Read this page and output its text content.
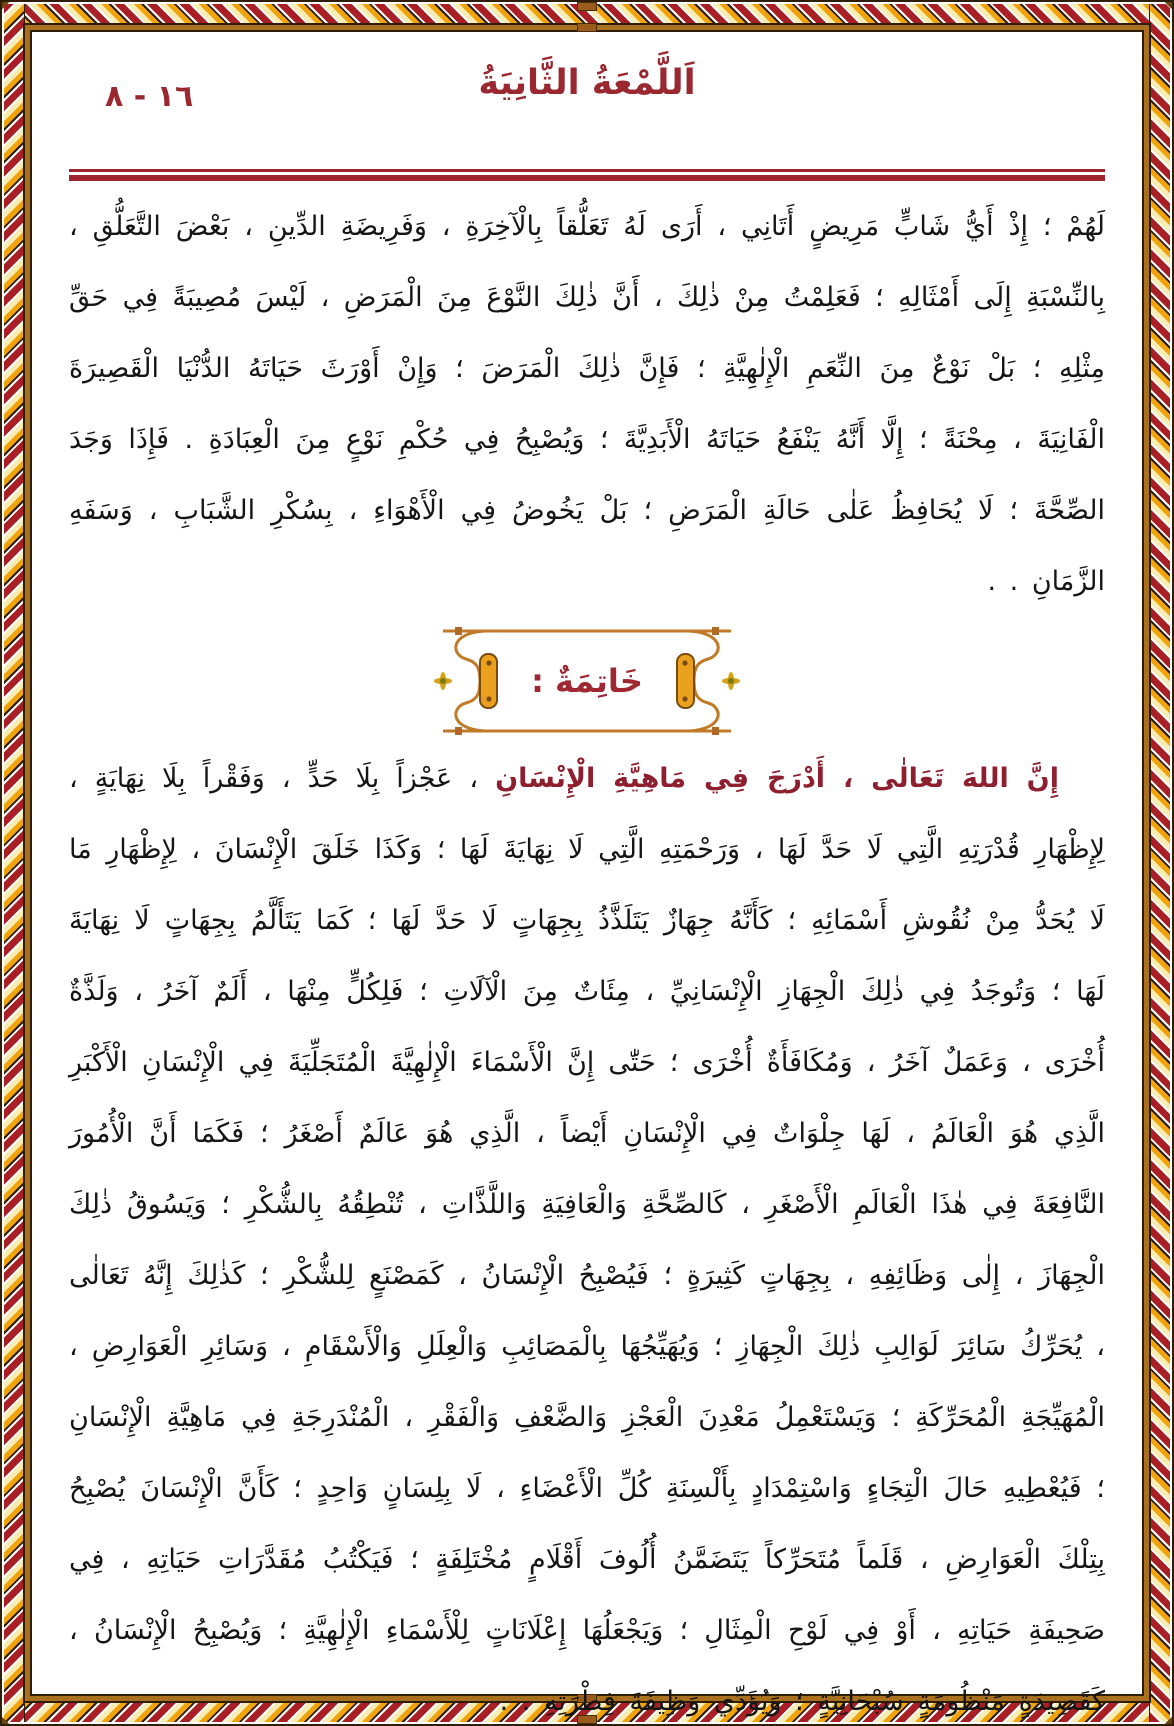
اَللَّمْعَةُ الثَّانِيَةُ
١٦ - ٨

لَهُمْ ؛ إِذْ أَيُّ شَابٍّ مَرِيضٍ أَتَانِي ، أَرَى لَهُ تَعَلُّقاً بِالْآخِرَةِ ، وَفَرِيضَةِ الدِّينِ ، بَعْضَ التَّعَلُّقِ ، بِالنِّسْبَةِ إِلَى أَمْثَالِهِ ؛ فَعَلِمْتُ مِنْ ذٰلِكَ ، أَنَّ ذٰلِكَ النَّوْعَ مِنَ الْمَرَضِ ، لَيْسَ مُصِيبَةً فِي حَقِّ مِثْلِهِ ؛ بَلْ نَوْعٌ مِنَ النِّعَمِ الْإِلٰهِيَّةِ ؛ فَإِنَّ ذٰلِكَ الْمَرَضَ ؛ وَإِنْ أَوْرَثَ حَيَاتَهُ الدُّنْيَا الْقَصِيرَةَ الْفَانِيَةَ ، مِحْنَةً ؛ إِلَّا أَنَّهُ يَنْفَعُ حَيَاتَهُ الْأَبَدِيَّةَ ؛ وَيُصْبِحُ فِي حُكْمِ نَوْعٍ مِنَ الْعِبَادَةِ . فَإِذَا وَجَدَ الصِّحَّةَ ؛ لَا يُحَافِظُ عَلٰى حَالَةِ الْمَرَضِ ؛ بَلْ يَخُوضُ فِي الْأَهْوَاءِ ، بِسُكْرِ الشَّبَابِ ، وَسَفَهِ الزَّمَانِ . .

خَاتِمَةٌ :

إِنَّ اللهَ تَعَالٰى ، أَدْرَجَ فِي مَاهِيَّةِ الْإِنْسَانِ ، عَجْزاً بِلَا حَدٍّ ، وَفَقْراً بِلَا نِهَايَةٍ ، لِإِظْهَارِ قُدْرَتِهِ الَّتِي لَا حَدَّ لَهَا ، وَرَحْمَتِهِ الَّتِي لَا نِهَايَةَ لَهَا ؛ وَكَذَا خَلَقَ الْإِنْسَانَ ، لِإِظْهَارِ مَا لَا يُحَدُّ مِنْ نُقُوشِ أَسْمَائِهِ ؛ كَأَنَّهُ جِهَازٌ يَتَلَذَّذُ بِجِهَاتٍ لَا حَدَّ لَهَا ؛ كَمَا يَتَأَلَّمُ بِجِهَاتٍ لَا نِهَايَةَ لَهَا ؛ وَتُوجَدُ فِي ذٰلِكَ الْجِهَازِ الْإِنْسَانِيِّ ، مِئَاتٌ مِنَ الْآلَاتِ ؛ فَلِكُلٍّ مِنْهَا ، أَلَمٌ آخَرُ ، وَلَذَّةٌ أُخْرَى ، وَعَمَلٌ آخَرُ ، وَمُكَافَأَةٌ أُخْرَى ؛ حَتّٰى إِنَّ الْأَسْمَاءَ الْإِلٰهِيَّةَ الْمُتَجَلِّيَةَ فِي الْإِنْسَانِ الْأَكْبَرِ الَّذِي هُوَ الْعَالَمُ ، لَهَا جِلْوَاتٌ فِي الْإِنْسَانِ أَيْضاً ، الَّذِي هُوَ عَالَمٌ أَصْغَرُ ؛ فَكَمَا أَنَّ الْأُمُورَ النَّافِعَةَ فِي هٰذَا الْعَالَمِ الْأَصْغَرِ ، كَالصِّحَّةِ وَالْعَافِيَةِ وَاللَّذَّاتِ ، تُنْطِقُهُ بِالشُّكْرِ ؛ وَيَسُوقُ ذٰلِكَ الْجِهَازَ ، إِلٰى وَظَائِفِهِ ، بِجِهَاتٍ كَثِيرَةٍ ؛ فَيُصْبِحُ الْإِنْسَانُ ، كَمَصْنَعٍ لِلشُّكْرِ ؛ كَذٰلِكَ إِنَّهُ تَعَالٰى ، يُحَرِّكُ سَائِرَ لَوَالِبِ ذٰلِكَ الْجِهَازِ ؛ وَيُهَيِّجُهَا بِالْمَصَائِبِ وَالْعِلَلِ وَالْأَسْقَامِ ، وَسَائِرِ الْعَوَارِضِ ، الْمُهَيِّجَةِ الْمُحَرِّكَةِ ؛ وَيَسْتَعْمِلُ مَعْدِنَ الْعَجْزِ وَالضَّعْفِ وَالْفَقْرِ ، الْمُنْدَرِجَةِ فِي مَاهِيَّةِ الْإِنْسَانِ ؛ فَيُعْطِيهِ حَالَ الْتِجَاءٍ وَاسْتِمْدَادٍ بِأَلْسِنَةِ كُلِّ الْأَعْضَاءِ ، لَا بِلِسَانٍ وَاحِدٍ ؛ كَأَنَّ الْإِنْسَانَ يُصْبِحُ بِتِلْكَ الْعَوَارِضِ ، قَلَماً مُتَحَرِّكاً يَتَضَمَّنُ أُلُوفَ أَقْلَامٍ مُخْتَلِفَةٍ ؛ فَيَكْتُبُ مُقَدَّرَاتِ حَيَاتِهِ ، فِي صَحِيفَةِ حَيَاتِهِ ، أَوْ فِي لَوْحِ الْمِثَالِ ؛ وَيَجْعَلُهَا إِعْلَانَاتٍ لِلْأَسْمَاءِ الْإِلٰهِيَّةِ ؛ وَيُصْبِحُ الْإِنْسَانُ ، كَقَصِيدَةٍ مَنْظُومَةٍ سُبْحَانِيَّةٍ ؛ وَيُؤَدِّي وَظِيفَةَ فِطْرَتِهِ . .
